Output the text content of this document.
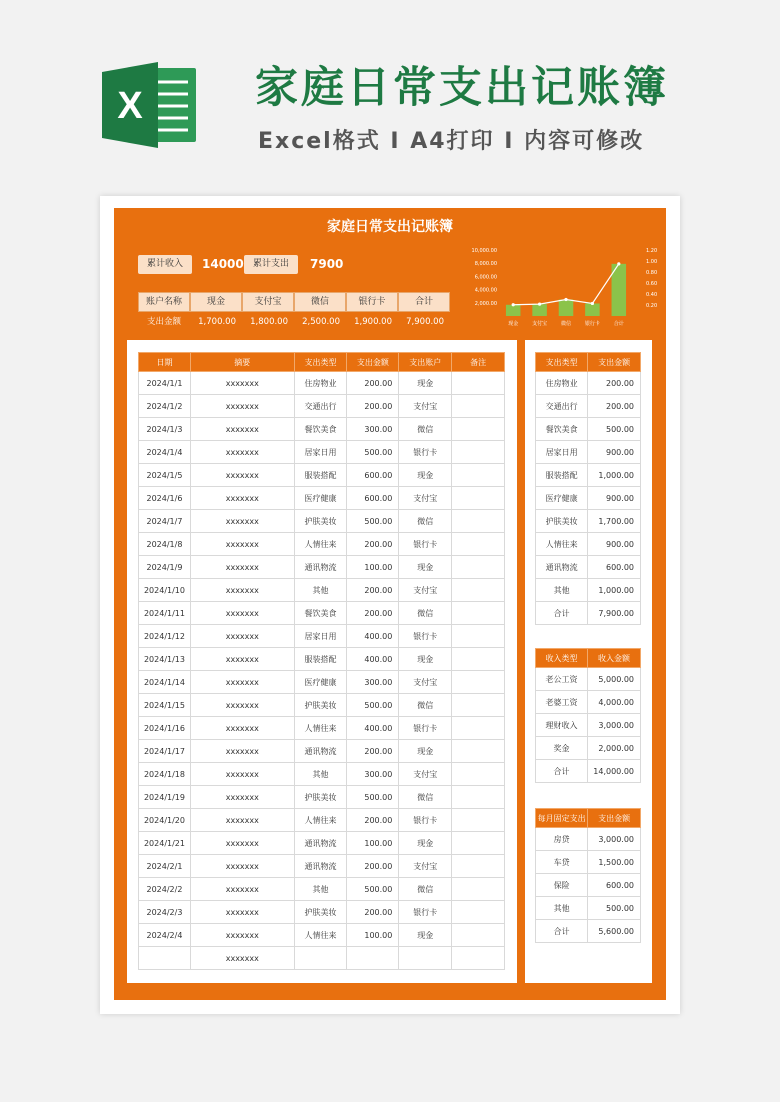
X	家庭日常支出记账簿
Excel格式 I A4打印 I 内容可修改
家庭日常支出记账簿
累计收入	14000	累计支出	7900
账户名称	现金	支付宝	微信	银行卡	合计
支出金额	1,700.00	1,800.00	2,500.00	1,900.00	7,900.00
10,000.00
8,000.00
6,000.00
4,000.00
2,000.00
1.20
1.00
0.80
0.60
0.40
0.20
现金	支付宝	微信	银行卡	合计
日期	摘要	支出类型	支出金额	支出账户	备注
2024/1/1	xxxxxxx	住房物业	200.00	现金	
2024/1/2	xxxxxxx	交通出行	200.00	支付宝	
2024/1/3	xxxxxxx	餐饮美食	300.00	微信	
2024/1/4	xxxxxxx	居家日用	500.00	银行卡	
2024/1/5	xxxxxxx	服装搭配	600.00	现金	
2024/1/6	xxxxxxx	医疗健康	600.00	支付宝	
2024/1/7	xxxxxxx	护肤美妆	500.00	微信	
2024/1/8	xxxxxxx	人情往来	200.00	银行卡	
2024/1/9	xxxxxxx	通讯物流	100.00	现金	
2024/1/10	xxxxxxx	其他	200.00	支付宝	
2024/1/11	xxxxxxx	餐饮美食	200.00	微信	
2024/1/12	xxxxxxx	居家日用	400.00	银行卡	
2024/1/13	xxxxxxx	服装搭配	400.00	现金	
2024/1/14	xxxxxxx	医疗健康	300.00	支付宝	
2024/1/15	xxxxxxx	护肤美妆	500.00	微信	
2024/1/16	xxxxxxx	人情往来	400.00	银行卡	
2024/1/17	xxxxxxx	通讯物流	200.00	现金	
2024/1/18	xxxxxxx	其他	300.00	支付宝	
2024/1/19	xxxxxxx	护肤美妆	500.00	微信	
2024/1/20	xxxxxxx	人情往来	200.00	银行卡	
2024/1/21	xxxxxxx	通讯物流	100.00	现金	
2024/2/1	xxxxxxx	通讯物流	200.00	支付宝	
2024/2/2	xxxxxxx	其他	500.00	微信	
2024/2/3	xxxxxxx	护肤美妆	200.00	银行卡	
2024/2/4	xxxxxxx	人情往来	100.00	现金	
	xxxxxxx				
支出类型	支出金额
住房物业	200.00
交通出行	200.00
餐饮美食	500.00
居家日用	900.00
服装搭配	1,000.00
医疗健康	900.00
护肤美妆	1,700.00
人情往来	900.00
通讯物流	600.00
其他	1,000.00
合计	7,900.00
收入类型	收入金额
老公工资	5,000.00
老婆工资	4,000.00
理财收入	3,000.00
奖金	2,000.00
合计	14,000.00
每月固定支出	支出金额
房贷	3,000.00
车贷	1,500.00
保险	600.00
其他	500.00
合计	5,600.00
